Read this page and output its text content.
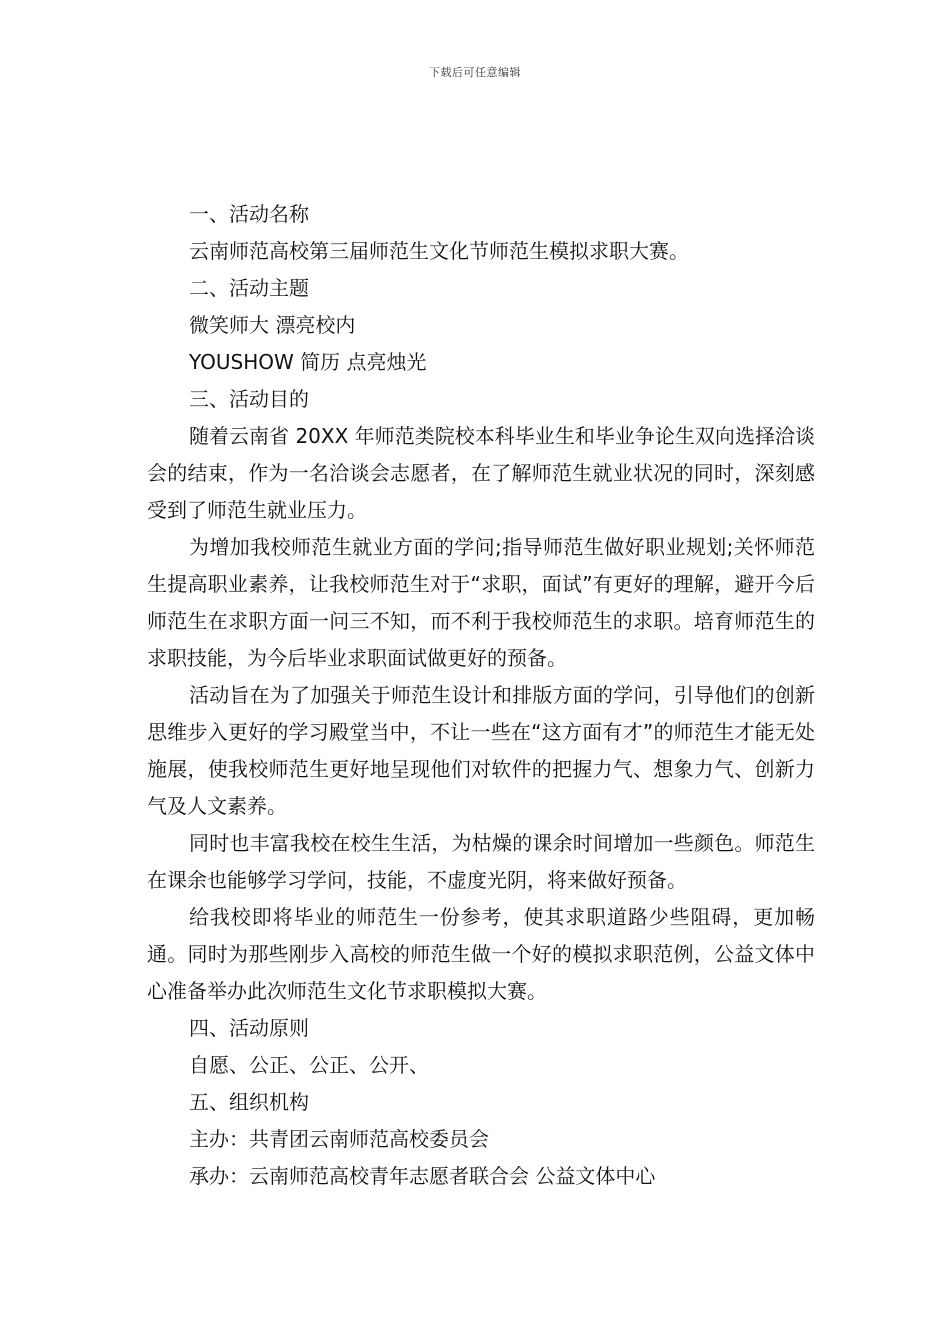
下载后可任意编辑

一、活动名称

云南师范高校第三届师范生文化节师范生模拟求职大赛。

二、活动主题

微笑师大 漂亮校内

YOUSHOW 简历 点亮烛光

三、活动目的

随着云南省 20XX 年师范类院校本科毕业生和毕业争论生双向选择洽谈会的结束，作为一名洽谈会志愿者，在了解师范生就业状况的同时，深刻感受到了师范生就业压力。

为增加我校师范生就业方面的学问;指导师范生做好职业规划;关怀师范生提高职业素养，让我校师范生对于“求职，面试”有更好的理解，避开今后师范生在求职方面一问三不知，而不利于我校师范生的求职。培育师范生的求职技能，为今后毕业求职面试做更好的预备。

活动旨在为了加强关于师范生设计和排版方面的学问，引导他们的创新思维步入更好的学习殿堂当中，不让一些在“这方面有才”的师范生才能无处施展，使我校师范生更好地呈现他们对软件的把握力气、想象力气、创新力气及人文素养。

同时也丰富我校在校生生活，为枯燥的课余时间增加一些颜色。师范生在课余也能够学习学问，技能，不虚度光阴，将来做好预备。

给我校即将毕业的师范生一份参考，使其求职道路少些阻碍，更加畅通。同时为那些刚步入高校的师范生做一个好的模拟求职范例，公益文体中心准备举办此次师范生文化节求职模拟大赛。

四、活动原则

自愿、公正、公正、公开、

五、组织机构

主办：共青团云南师范高校委员会

承办：云南师范高校青年志愿者联合会 公益文体中心
